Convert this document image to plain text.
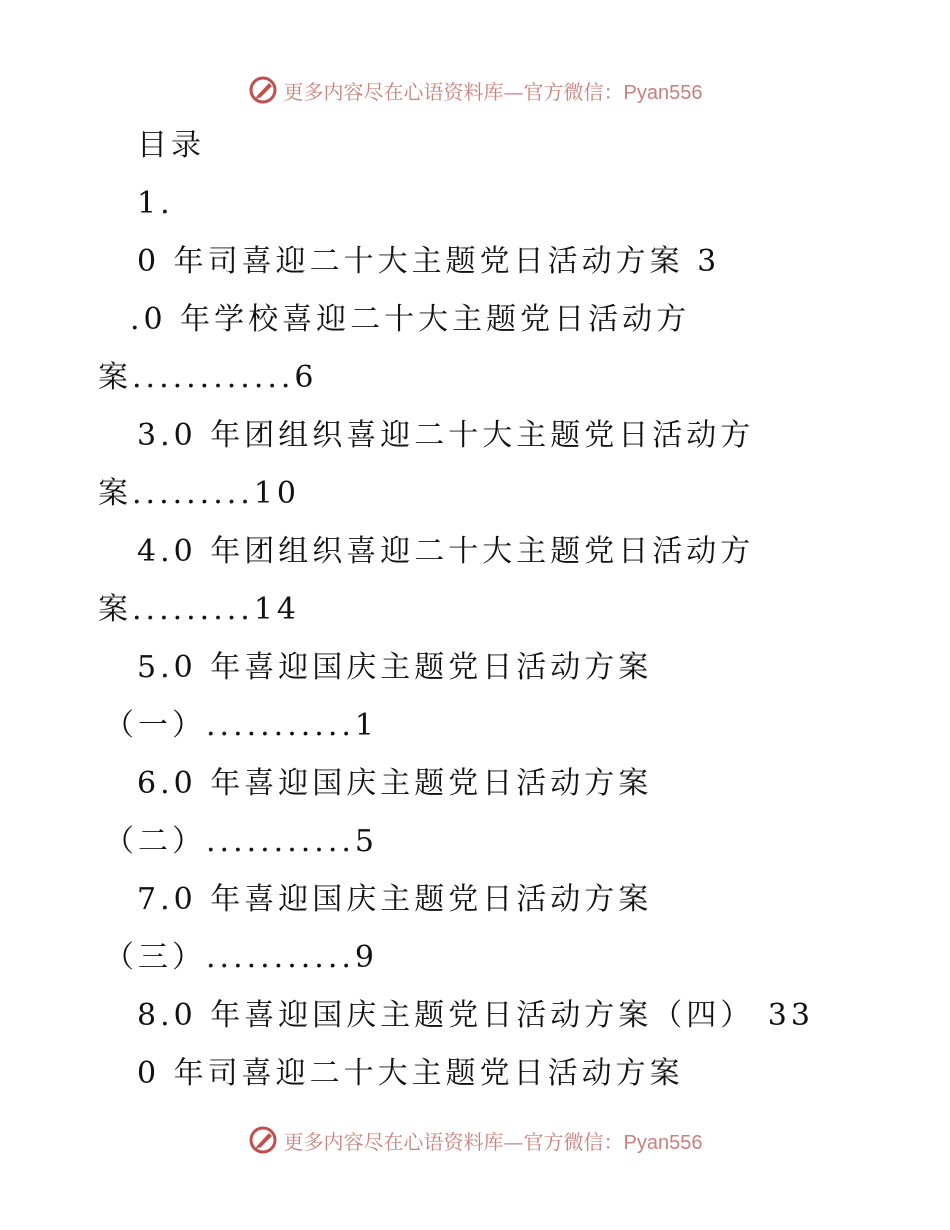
更多内容尽在心语资料库—官方微信：Pyan556
目录
1.
0 年司喜迎二十大主题党日活动方案 3
.0 年学校喜迎二十大主题党日活动方
案............6
3.0 年团组织喜迎二十大主题党日活动方
案.........10
4.0 年团组织喜迎二十大主题党日活动方
案.........14
5.0 年喜迎国庆主题党日活动方案
（一）...........1
6.0 年喜迎国庆主题党日活动方案
（二）...........5
7.0 年喜迎国庆主题党日活动方案
（三）...........9
8.0 年喜迎国庆主题党日活动方案（四） 33
0 年司喜迎二十大主题党日活动方案
更多内容尽在心语资料库—官方微信：Pyan556
